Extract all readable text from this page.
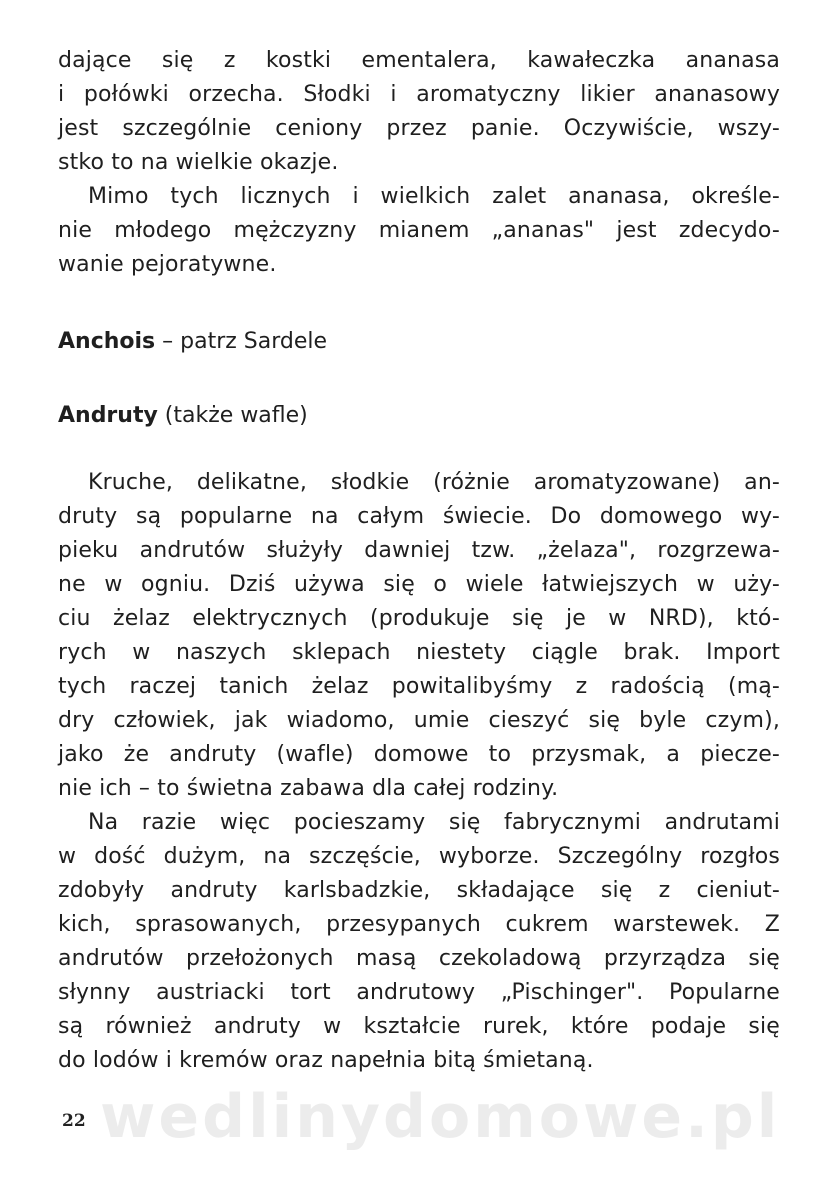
dające się z kostki ementalera, kawałeczka ananasa
i połówki orzecha. Słodki i aromatyczny likier ananasowy
jest szczególnie ceniony przez panie. Oczywiście, wszy-
stko to na wielkie okazje.
Mimo tych licznych i wielkich zalet ananasa, określe-
nie młodego mężczyzny mianem „ananas" jest zdecydo-
wanie pejoratywne.
Anchois – patrz Sardele
Andruty (także wafle)
Kruche, delikatne, słodkie (różnie aromatyzowane) an-
druty są popularne na całym świecie. Do domowego wy-
pieku andrutów służyły dawniej tzw. „żelaza", rozgrzewa-
ne w ogniu. Dziś używa się o wiele łatwiejszych w uży-
ciu żelaz elektrycznych (produkuje się je w NRD), któ-
rych w naszych sklepach niestety ciągle brak. Import
tych raczej tanich żelaz powitalibyśmy z radością (mą-
dry człowiek, jak wiadomo, umie cieszyć się byle czym),
jako że andruty (wafle) domowe to przysmak, a piecze-
nie ich – to świetna zabawa dla całej rodziny.
Na razie więc pocieszamy się fabrycznymi andrutami
w dość dużym, na szczęście, wyborze. Szczególny rozgłos
zdobyły andruty karlsbadzkie, składające się z cieniut-
kich, sprasowanych, przesypanych cukrem warstewek. Z
andrutów przełożonych masą czekoladową przyrządza się
słynny austriacki tort andrutowy „Pischinger". Popularne
są również andruty w kształcie rurek, które podaje się
do lodów i kremów oraz napełnia bitą śmietaną.
wedlinydomowe.pl
22
